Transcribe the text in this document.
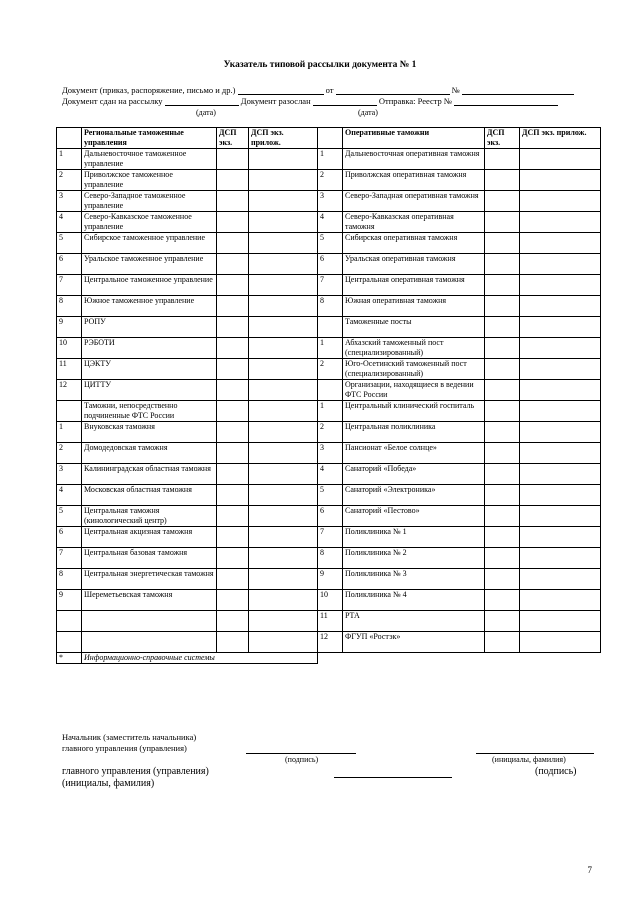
Указатель типовой рассылки документа № 1
Документ (приказ, распоряжение, письмо и др.)	от	№
Документ сдан на рассылку	Документ разослан	Отправка: Реестр №
(дата)	(дата)
	Региональные таможенные управления	ДСП экз.	ДСП экз. прилож.		Оперативные таможни	ДСП экз.	ДСП экз. прилож.
1	Дальневосточное таможенное управление			1	Дальневосточная оперативная таможня		
2	Приволжское таможенное управление			2	Приволжская оперативная таможня		
3	Северо-Западное таможенное управление			3	Северо-Западная оперативная таможня		
4	Северо-Кавказское таможенное управление			4	Северо-Кавказская оперативная таможня		
5	Сибирское таможенное управление			5	Сибирская оперативная таможня		
6	Уральское таможенное управление			6	Уральская оперативная таможня		
7	Центральное таможенное управление			7	Центральная оперативная таможня		
8	Южное таможенное управление			8	Южная оперативная таможня		
9	РОПУ				Таможенные посты		
10	РЭБОТИ			1	Абхазский таможенный пост (специализированный)		
11	ЦЭКТУ			2	Юго-Осетинский таможенный пост (специализированный)		
12	ЦИТТУ				Организации, находящиеся в ведении ФТС России		
	Таможни, непосредственно подчиненные ФТС России			1	Центральный клинический госпиталь		
1	Внуковская таможня			2	Центральная поликлиника		
2	Домодедовская таможня			3	Пансионат «Белое солнце»		
3	Калининградская областная таможня			4	Санаторий «Победа»		
4	Московская областная таможня			5	Санаторий «Электроника»		
5	Центральная таможня (кинологический центр)			6	Санаторий «Пестово»		
6	Центральная акцизная таможня			7	Поликлиника № 1		
7	Центральная базовая таможня			8	Поликлиника № 2		
8	Центральная энергетическая таможня			9	Поликлиника № 3		
9	Шереметьевская таможня			10	Поликлиника № 4		
				11	РТА		
				12	ФГУП «Ростэк»		
*	Информационно-справочные системы						
Начальник (заместитель начальника)
главного управления (управления)
(подпись)	(инициалы, фамилия)
главного управления (управления)	(подпись)
(инициалы, фамилия)
7
